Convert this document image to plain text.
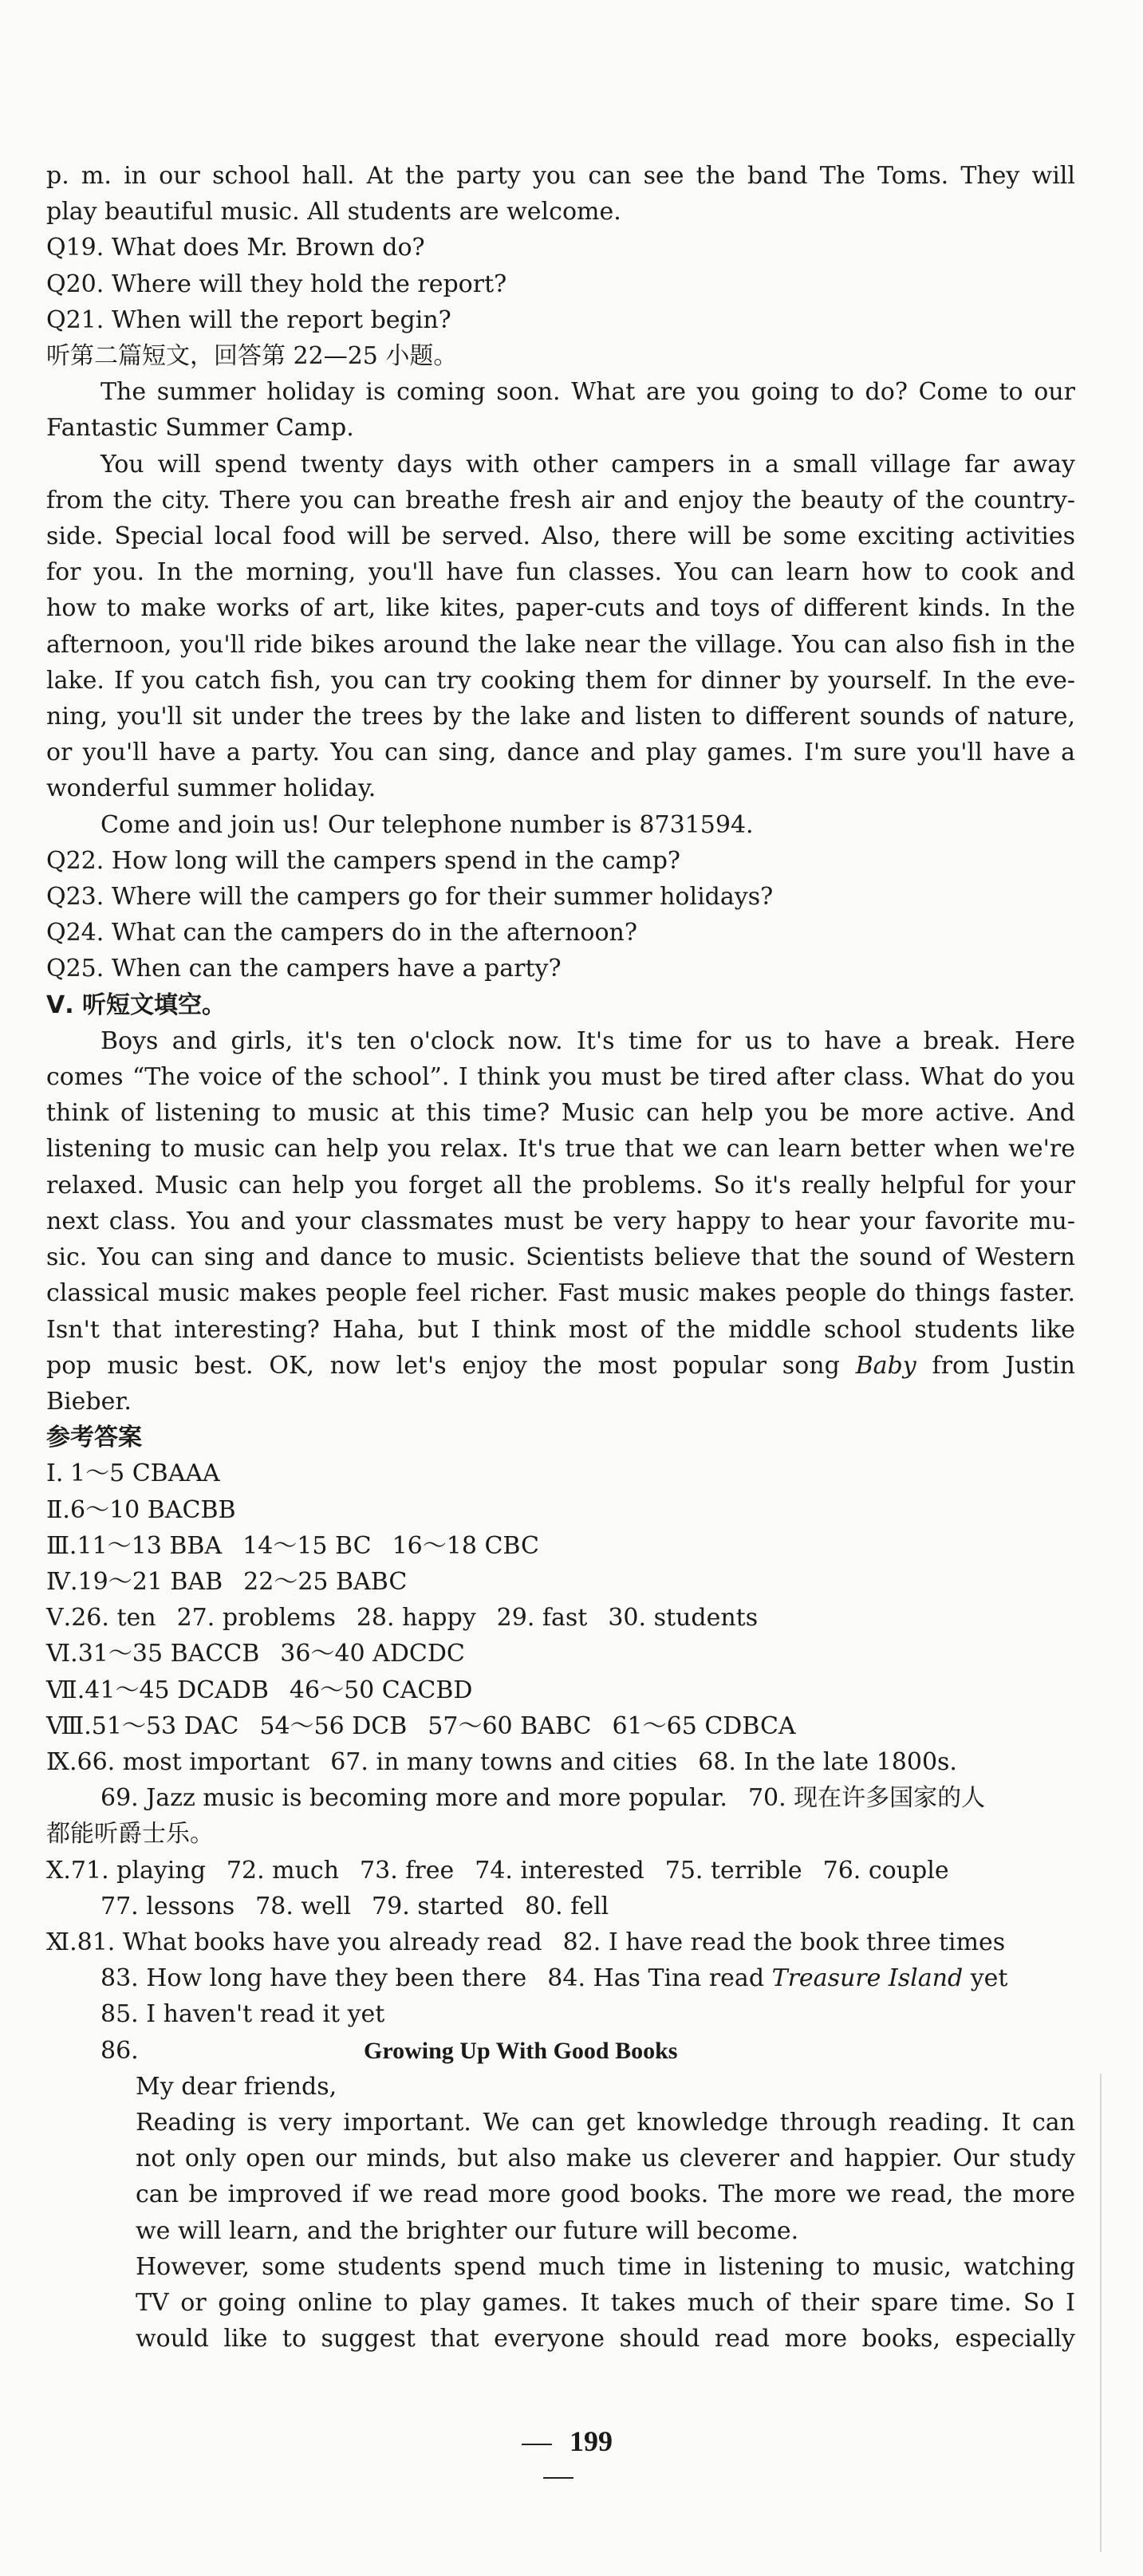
p. m. in our school hall. At the party you can see the band The Toms. They will
play beautiful music. All students are welcome.
Q19. What does Mr. Brown do?
Q20. Where will they hold the report?
Q21. When will the report begin?
听第二篇短文，回答第 22—25 小题。
The summer holiday is coming soon. What are you going to do? Come to our
Fantastic Summer Camp.
You will spend twenty days with other campers in a small village far away
from the city. There you can breathe fresh air and enjoy the beauty of the country-
side. Special local food will be served. Also, there will be some exciting activities
for you. In the morning, you'll have fun classes. You can learn how to cook and
how to make works of art, like kites, paper-cuts and toys of different kinds. In the
afternoon, you'll ride bikes around the lake near the village. You can also fish in the
lake. If you catch fish, you can try cooking them for dinner by yourself. In the eve-
ning, you'll sit under the trees by the lake and listen to different sounds of nature,
or you'll have a party. You can sing, dance and play games. I'm sure you'll have a
wonderful summer holiday.
Come and join us! Our telephone number is 8731594.
Q22. How long will the campers spend in the camp?
Q23. Where will the campers go for their summer holidays?
Q24. What can the campers do in the afternoon?
Q25. When can the campers have a party?
Ⅴ. 听短文填空。
Boys and girls, it's ten o'clock now. It's time for us to have a break. Here
comes “The voice of the school”. I think you must be tired after class. What do you
think of listening to music at this time? Music can help you be more active. And
listening to music can help you relax. It's true that we can learn better when we're
relaxed. Music can help you forget all the problems. So it's really helpful for your
next class. You and your classmates must be very happy to hear your favorite mu-
sic. You can sing and dance to music. Scientists believe that the sound of Western
classical music makes people feel richer. Fast music makes people do things faster.
Isn't that interesting? Haha, but I think most of the middle school students like
pop music best. OK, now let's enjoy the most popular song Baby from Justin
Bieber.
参考答案
Ⅰ. 1～5 CBAAA
Ⅱ.6～10 BACBB
Ⅲ.11～13 BBA 14～15 BC 16～18 CBC
Ⅳ.19～21 BAB 22～25 BABC
Ⅴ.26. ten 27. problems 28. happy 29. fast 30. students
Ⅵ.31～35 BACCB 36～40 ADCDC
Ⅶ.41～45 DCADB 46～50 CACBD
Ⅷ.51～53 DAC 54～56 DCB 57～60 BABC 61～65 CDBCA
Ⅸ.66. most important 67. in many towns and cities 68. In the late 1800s.
69. Jazz music is becoming more and more popular. 70. 现在许多国家的人
都能听爵士乐。
Ⅹ.71. playing 72. much 73. free 74. interested 75. terrible 76. couple
77. lessons 78. well 79. started 80. fell
Ⅺ.81. What books have you already read 82. I have read the book three times
83. How long have they been there 84. Has Tina read Treasure Island yet
85. I haven't read it yet
86.	Growing Up With Good Books
My dear friends,
Reading is very important. We can get knowledge through reading. It can
not only open our minds, but also make us cleverer and happier. Our study
can be improved if we read more good books. The more we read, the more
we will learn, and the brighter our future will become.
However, some students spend much time in listening to music, watching
TV or going online to play games. It takes much of their spare time. So I
would like to suggest that everyone should read more books, especially
199
